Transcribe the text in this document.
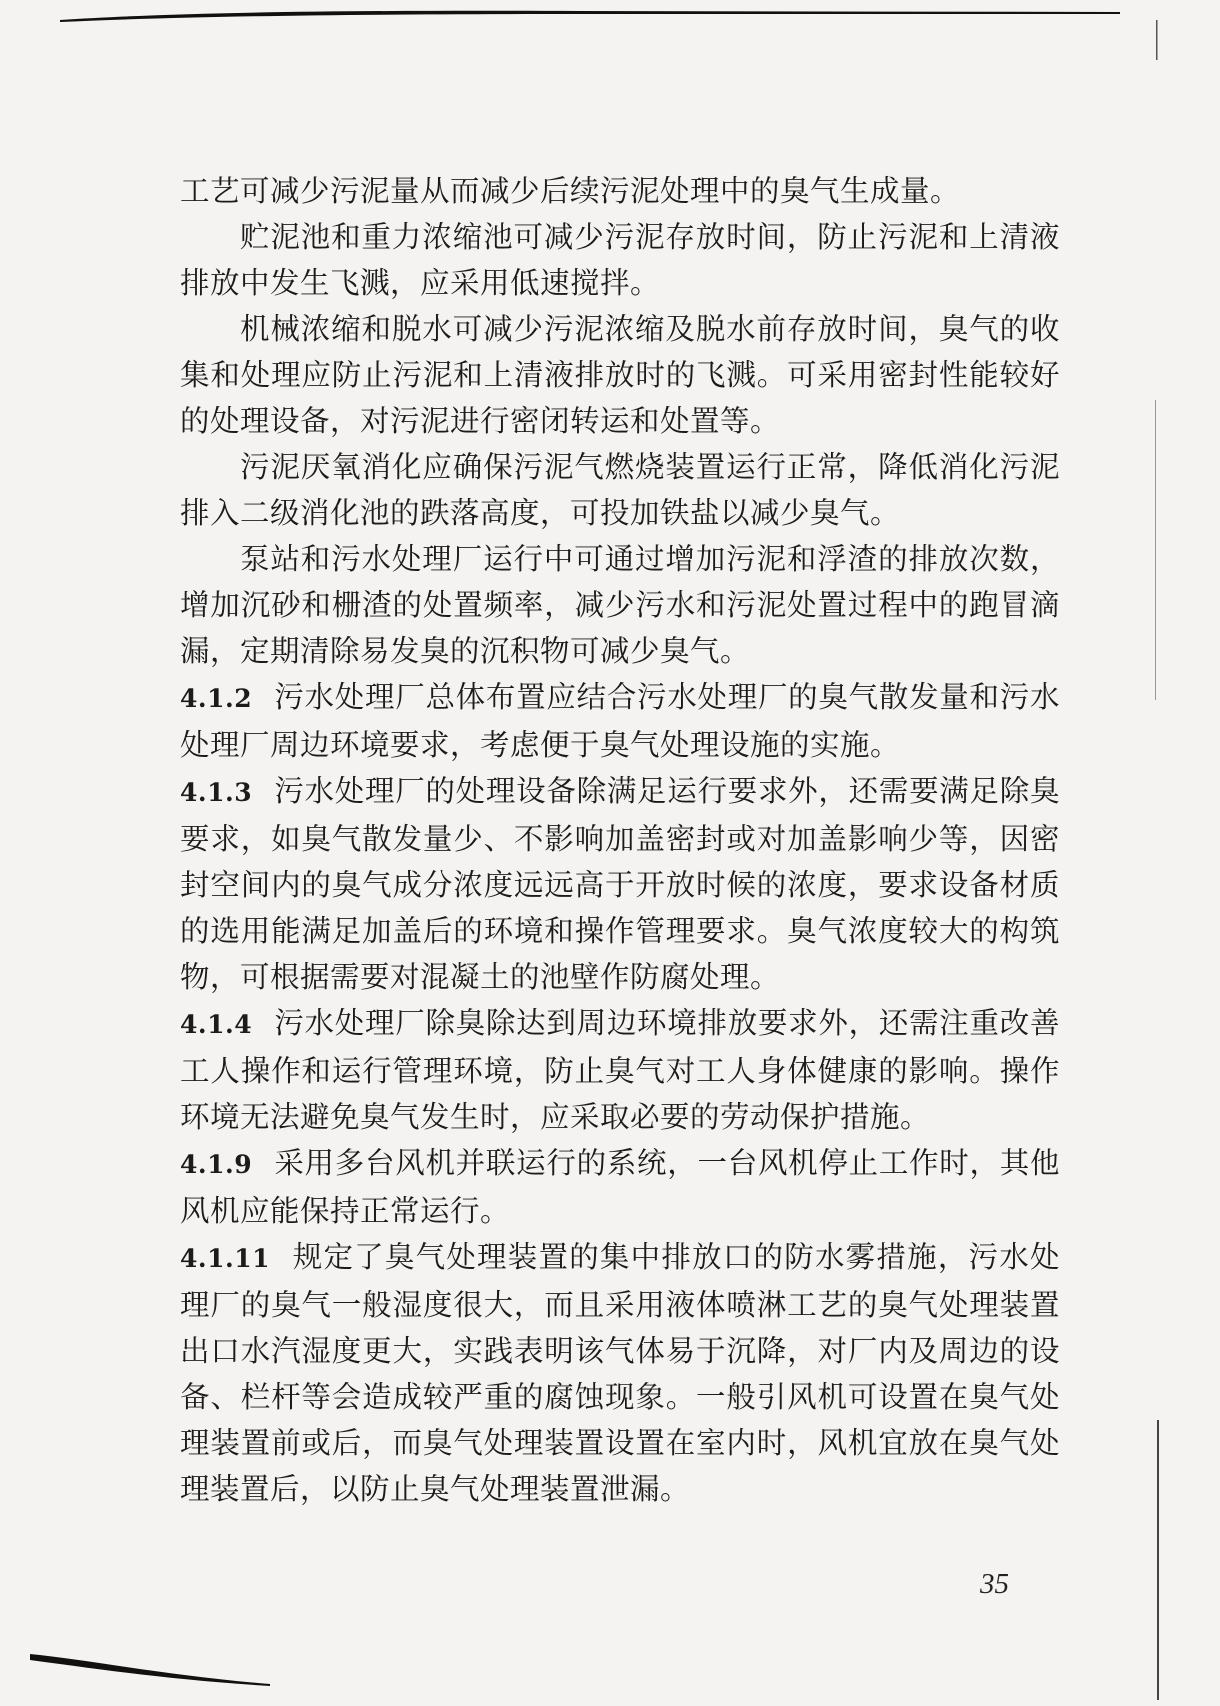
工艺可减少污泥量从而减少后续污泥处理中的臭气生成量。

贮泥池和重力浓缩池可减少污泥存放时间，防止污泥和上清液排放中发生飞溅，应采用低速搅拌。

机械浓缩和脱水可减少污泥浓缩及脱水前存放时间，臭气的收集和处理应防止污泥和上清液排放时的飞溅。可采用密封性能较好的处理设备，对污泥进行密闭转运和处置等。

污泥厌氧消化应确保污泥气燃烧装置运行正常，降低消化污泥排入二级消化池的跌落高度，可投加铁盐以减少臭气。

泵站和污水处理厂运行中可通过增加污泥和浮渣的排放次数，增加沉砂和栅渣的处置频率，减少污水和污泥处置过程中的跑冒滴漏，定期清除易发臭的沉积物可减少臭气。

4.1.2 污水处理厂总体布置应结合污水处理厂的臭气散发量和污水处理厂周边环境要求，考虑便于臭气处理设施的实施。

4.1.3 污水处理厂的处理设备除满足运行要求外，还需要满足除臭要求，如臭气散发量少、不影响加盖密封或对加盖影响少等，因密封空间内的臭气成分浓度远远高于开放时候的浓度，要求设备材质的选用能满足加盖后的环境和操作管理要求。臭气浓度较大的构筑物，可根据需要对混凝土的池壁作防腐处理。

4.1.4 污水处理厂除臭除达到周边环境排放要求外，还需注重改善工人操作和运行管理环境，防止臭气对工人身体健康的影响。操作环境无法避免臭气发生时，应采取必要的劳动保护措施。

4.1.9 采用多台风机并联运行的系统，一台风机停止工作时，其他风机应能保持正常运行。

4.1.11 规定了臭气处理装置的集中排放口的防水雾措施，污水处理厂的臭气一般湿度很大，而且采用液体喷淋工艺的臭气处理装置出口水汽湿度更大，实践表明该气体易于沉降，对厂内及周边的设备、栏杆等会造成较严重的腐蚀现象。一般引风机可设置在臭气处理装置前或后，而臭气处理装置设置在室内时，风机宜放在臭气处理装置后，以防止臭气处理装置泄漏。

35
